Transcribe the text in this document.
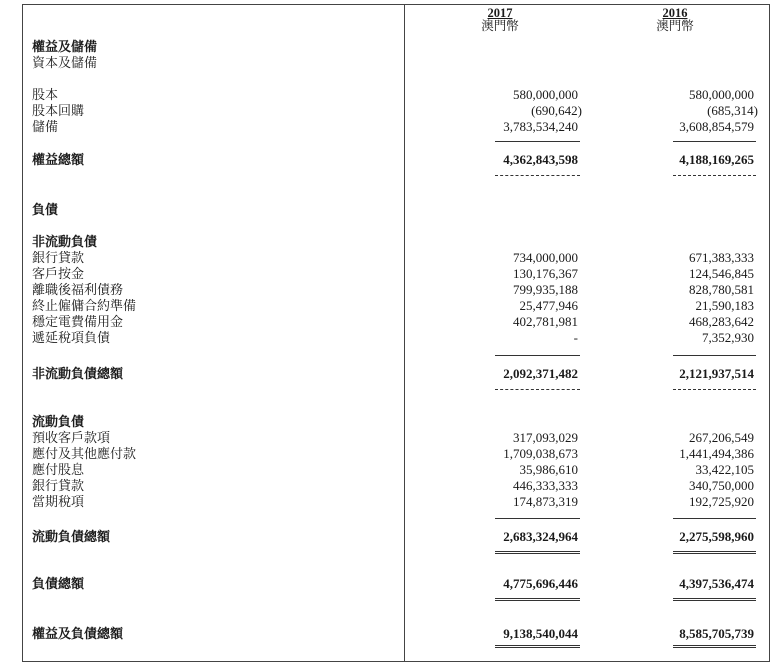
2017
澳門幣
2016
澳門幣
權益及儲備
資本及儲備
股本	580,000,000	580,000,000
股本回購	(690,642)	(685,314)
儲備	3,783,534,240	3,608,854,579
權益總額	4,362,843,598	4,188,169,265
負債
非流動負債
銀行貸款	734,000,000	671,383,333
客戶按金	130,176,367	124,546,845
離職後福利債務	799,935,188	828,780,581
終止僱傭合約準備	25,477,946	21,590,183
穩定電費備用金	402,781,981	468,283,642
遞延稅項負債	-	7,352,930
非流動負債總額	2,092,371,482	2,121,937,514
流動負債
預收客戶款項	317,093,029	267,206,549
應付及其他應付款	1,709,038,673	1,441,494,386
應付股息	35,986,610	33,422,105
銀行貸款	446,333,333	340,750,000
當期稅項	174,873,319	192,725,920
流動負債總額	2,683,324,964	2,275,598,960
負債總額	4,775,696,446	4,397,536,474
權益及負債總額	9,138,540,044	8,585,705,739
